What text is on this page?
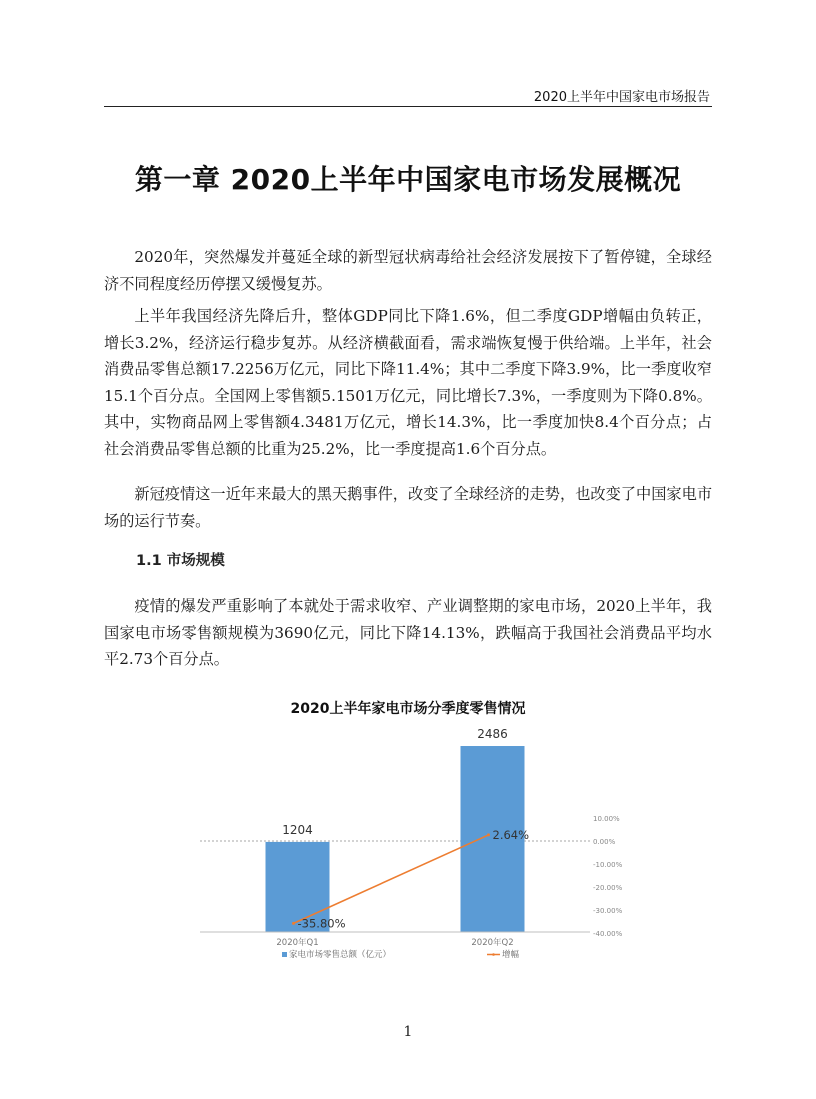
2020上半年中国家电市场报告
第一章 2020上半年中国家电市场发展概况

2020年，突然爆发并蔓延全球的新型冠状病毒给社会经济发展按下了暂停键，全球经济不同程度经历停摆又缓慢复苏。

上半年我国经济先降后升，整体GDP同比下降1.6%，但二季度GDP增幅由负转正，增长3.2%，经济运行稳步复苏。从经济横截面看，需求端恢复慢于供给端。上半年，社会消费品零售总额17.2256万亿元，同比下降11.4%；其中二季度下降3.9%，比一季度收窄15.1个百分点。全国网上零售额5.1501万亿元，同比增长7.3%，一季度则为下降0.8%。其中，实物商品网上零售额4.3481万亿元，增长14.3%，比一季度加快8.4个百分点；占社会消费品零售总额的比重为25.2%，比一季度提高1.6个百分点。

新冠疫情这一近年来最大的黑天鹅事件，改变了全球经济的走势，也改变了中国家电市场的运行节奏。

1.1 市场规模

疫情的爆发严重影响了本就处于需求收窄、产业调整期的家电市场，2020上半年，我国家电市场零售额规模为3690亿元，同比下降14.13%，跌幅高于我国社会消费品平均水平2.73个百分点。

2020上半年家电市场分季度零售情况
1204
2486
2020年Q1	2020年Q2
-35.80%
2.64%
10.00%
0.00%
-10.00%
-20.00%
-30.00%
-40.00%
家电市场零售总额（亿元）	增幅
1
